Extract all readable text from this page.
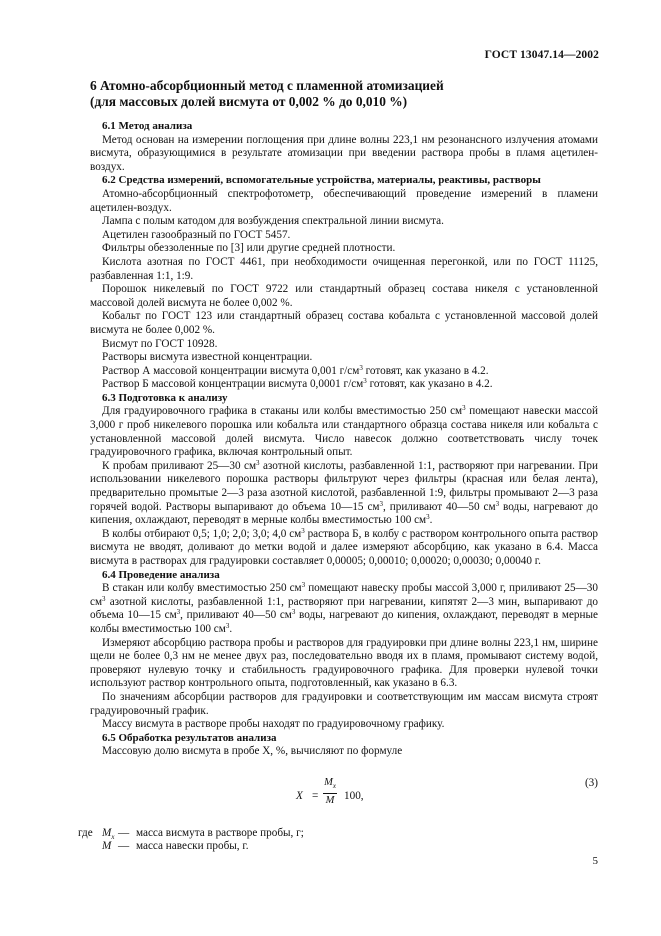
ГОСТ 13047.14—2002
6 Атомно-абсорбционный метод с пламенной атомизацией
(для массовых долей висмута от 0,002 % до 0,010 %)

6.1 Метод анализа

Метод основан на измерении поглощения при длине волны 223,1 нм резонансного излучения атомами висмута, образующимися в результате атомизации при введении раствора пробы в пламя ацетилен-воздух.

6.2 Средства измерений, вспомогательные устройства, материалы, реактивы, растворы

Атомно-абсорбционный спектрофотометр, обеспечивающий проведение измерений в пламени ацетилен-воздух.

Лампа с полым катодом для возбуждения спектральной линии висмута.

Ацетилен газообразный по ГОСТ 5457.

Фильтры обеззоленные по [3] или другие средней плотности.

Кислота азотная по ГОСТ 4461, при необходимости очищенная перегонкой, или по ГОСТ 11125, разбавленная 1:1, 1:9.

Порошок никелевый по ГОСТ 9722 или стандартный образец состава никеля с установленной массовой долей висмута не более 0,002 %.

Кобальт по ГОСТ 123 или стандартный образец состава кобальта с установленной массовой долей висмута не более 0,002 %.

Висмут по ГОСТ 10928.

Растворы висмута известной концентрации.

Раствор А массовой концентрации висмута 0,001 $г/см^3$ готовят, как указано в 4.2.

Раствор Б массовой концентрации висмута 0,0001 $г/см^3$ готовят, как указано в 4.2.

6.3 Подготовка к анализу

Для градуировочного графика в стаканы или колбы вместимостью 250 $см^3$ помещают навески массой 3,000 г проб никелевого порошка или кобальта или стандартного образца состава никеля или кобальта с установленной массовой долей висмута. Число навесок должно соответствовать числу точек градуировочного графика, включая контрольный опыт.

К пробам приливают 25—30 $см^3$ азотной кислоты, разбавленной 1:1, растворяют при нагревании. При использовании никелевого порошка растворы фильтруют через фильтры (красная или белая лента), предварительно промытые 2—3 раза азотной кислотой, разбавленной 1:9, фильтры промывают 2—3 раза горячей водой. Растворы выпаривают до объема 10—15 $см^3$, приливают 40—50 $см^3$ воды, нагревают до кипения, охлаждают, переводят в мерные колбы вместимостью 100 $см^3$.

В колбы отбирают 0,5; 1,0; 2,0; 3,0; 4,0 $см^3$ раствора Б, в колбу с раствором контрольного опыта раствор висмута не вводят, доливают до метки водой и далее измеряют абсорбцию, как указано в 6.4. Масса висмута в растворах для градуировки составляет 0,00005; 0,00010; 0,00020; 0,00030; 0,00040 г.

6.4 Проведение анализа

В стакан или колбу вместимостью 250 $см^3$ помещают навеску пробы массой 3,000 г, приливают 25—30 $см^3$ азотной кислоты, разбавленной 1:1, растворяют при нагревании, кипятят 2—3 мин, выпаривают до объема 10—15 $см^3$, приливают 40—50 $см^3$ воды, нагревают до кипения, охлаждают, переводят в мерные колбы вместимостью 100 $см^3$.

Измеряют абсорбцию раствора пробы и растворов для градуировки при длине волны 223,1 нм, ширине щели не более 0,3 нм не менее двух раз, последовательно вводя их в пламя, промывают систему водой, проверяют нулевую точку и стабильность градуировочного графика. Для проверки нулевой точки используют раствор контрольного опыта, подготовленный, как указано в 6.3.

По значениям абсорбции растворов для градуировки и соответствующим им массам висмута строят градуировочный график.

Массу висмута в растворе пробы находят по градуировочному графику.

6.5 Обработка результатов анализа

Массовую долю висмута в пробе X, %, вычисляют по формуле

X =
$M_x$
M 100,
(3)
где $M_x$ — масса висмута в растворе пробы, г;
M — масса навески пробы, г.
5
